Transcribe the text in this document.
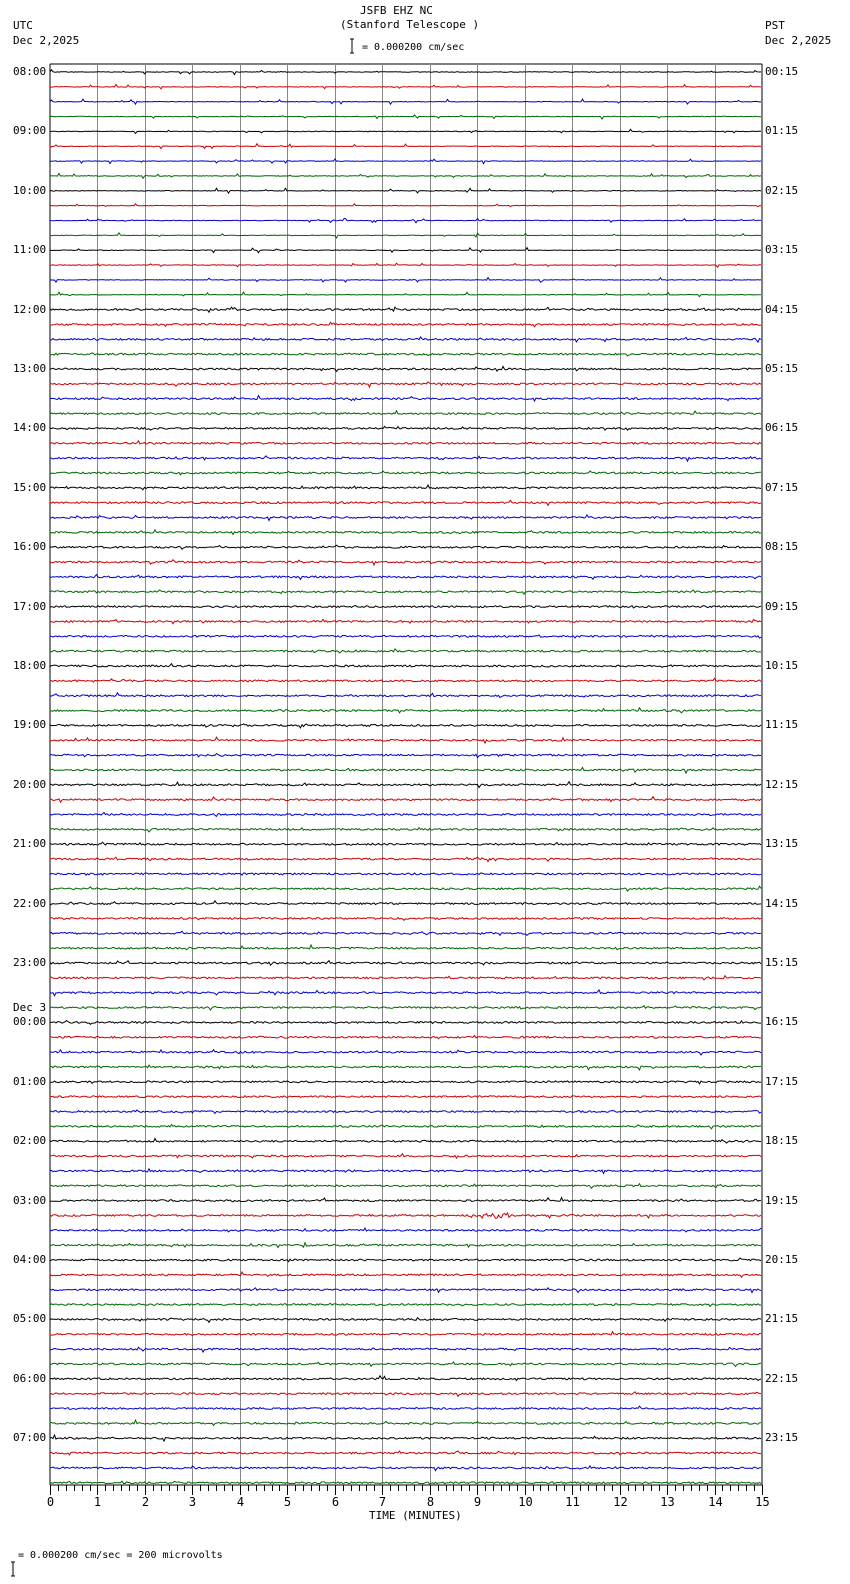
JSFB EHZ NC
(Stanford Telescope )
UTC
Dec 2,2025
PST
Dec 2,2025
= 0.000200 cm/sec
= 0.000200 cm/sec = 200 microvolts
TIME (MINUTES)
0	1	2	3	4	5	6	7	8	9	10	11	12	13	14	15
08:00
09:00
10:00
11:00
12:00
13:00
14:00
15:00
16:00
17:00
18:00
19:00
20:00
21:00
22:00
23:00
00:00
Dec 3
01:00
02:00
03:00
04:00
05:00
06:00
07:00
00:15
01:15
02:15
03:15
04:15
05:15
06:15
07:15
08:15
09:15
10:15
11:15
12:15
13:15
14:15
15:15
16:15
17:15
18:15
19:15
20:15
21:15
22:15
23:15
